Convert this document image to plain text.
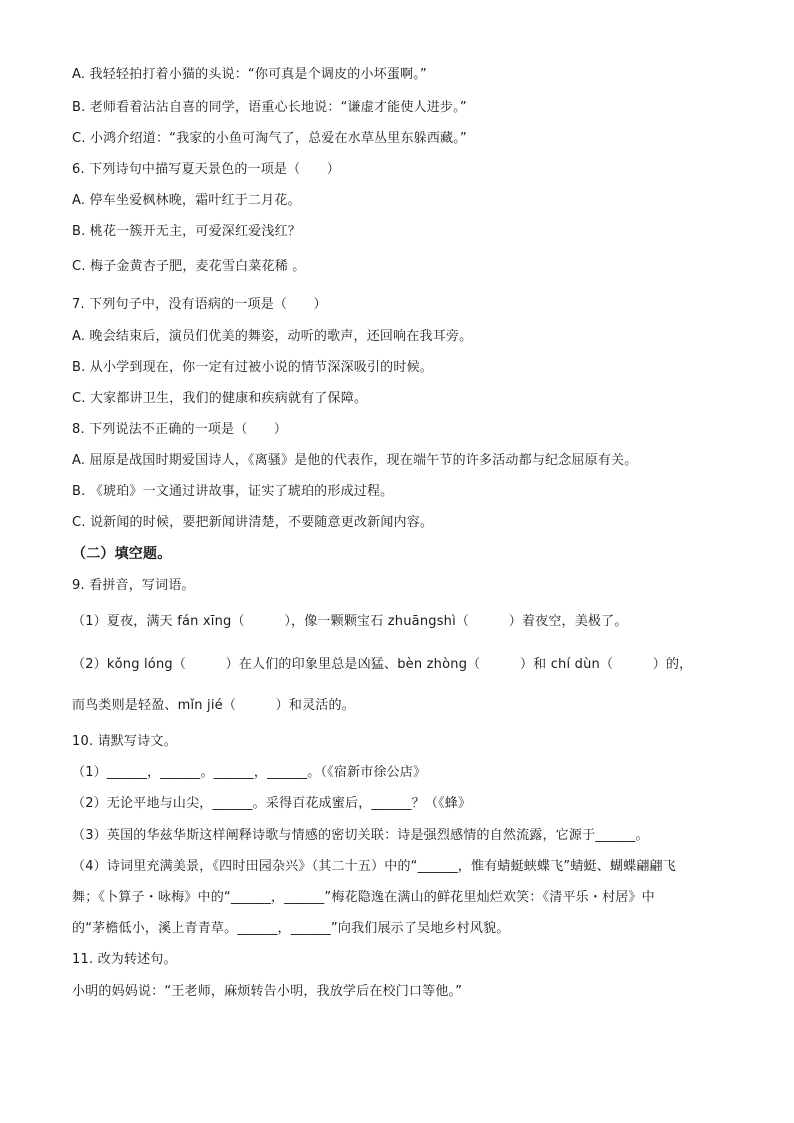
A. 我轻轻拍打着小猫的头说：“你可真是个调皮的小坏蛋啊。”
B. 老师看着沾沾自喜的同学，语重心长地说：“谦虚才能使人进步。”
C. 小鸿介绍道：“我家的小鱼可淘气了，总爱在水草丛里东躲西藏。”
6. 下列诗句中描写夏天景色的一项是（　　）
A. 停车坐爱枫林晚，霜叶红于二月花。
B. 桃花一簇开无主，可爱深红爱浅红？
C. 梅子金黄杏子肥，麦花雪白菜花稀 。
7. 下列句子中，没有语病的一项是（　　）
A. 晚会结束后，演员们优美的舞姿，动听的歌声，还回响在我耳旁。
B. 从小学到现在，你一定有过被小说的情节深深吸引的时候。
C. 大家都讲卫生，我们的健康和疾病就有了保障。
8. 下列说法不正确的一项是（　　）
A. 屈原是战国时期爱国诗人，《离骚》是他的代表作，现在端午节的许多活动都与纪念屈原有关。
B. 《琥珀》一文通过讲故事，证实了琥珀的形成过程。
C. 说新闻的时候，要把新闻讲清楚，不要随意更改新闻内容。
（二）填空题。
9. 看拼音，写词语。
（1）夏夜，满天 fán xīng（　　　），像一颗颗宝石 zhuāngshì（　　　）着夜空，美极了。
（2）kǒng lóng（　　　）在人们的印象里总是凶猛、bèn zhòng（　　　）和 chí dùn（　　　）的，
而鸟类则是轻盈、mǐn jié（　　　）和灵活的。
10. 请默写诗文。
（1）______，______。______，______。（《宿新市徐公店》
（2）无论平地与山尖，______。采得百花成蜜后，______？（《蜂》
（3）英国的华兹华斯这样阐释诗歌与情感的密切关联：诗是强烈感情的自然流露，它源于______。
（4）诗词里充满美景，《四时田园杂兴》（其二十五）中的“______，惟有蜻蜓蛱蝶飞”蜻蜓、蝴蝶翩翩飞
舞；《卜算子・咏梅》中的“______，______”梅花隐逸在满山的鲜花里灿烂欢笑：《清平乐・村居》中
的“茅檐低小，溪上青青草。______，______”向我们展示了吴地乡村风貌。
11. 改为转述句。
小明的妈妈说：“王老师，麻烦转告小明，我放学后在校门口等他。”
